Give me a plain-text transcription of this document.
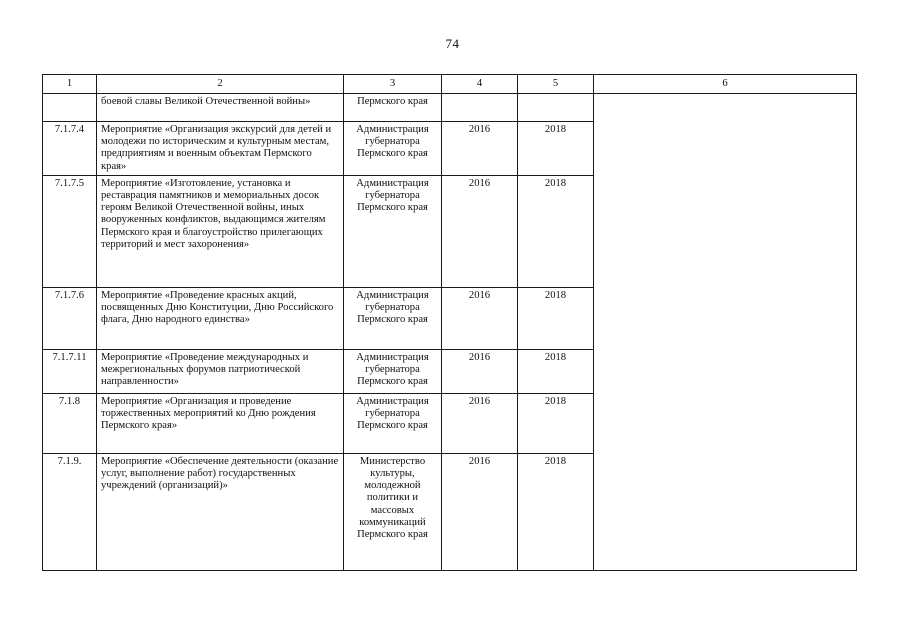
74
1	2	3	4	5	6
	боевой славы Великой Отечественной войны»	Пермского края			
7.1.7.4	Мероприятие «Организация экскурсий для детей и молодежи по историческим и культурным местам, предприятиям и военным объектам Пермского края»	Администрация губернатора Пермского края	2016	2018	
7.1.7.5	Мероприятие «Изготовление, установка и реставрация памятников и мемориальных досок героям Великой Отечественной войны, иных вооруженных конфликтов, выдающимся жителям Пермского края и благоустройство прилегающих территорий и мест захоронения»	Администрация губернатора Пермского края	2016	2018	
7.1.7.6	Мероприятие «Проведение красных акций, посвященных Дню Конституции, Дню Российского флага, Дню народного единства»	Администрация губернатора Пермского края	2016	2018	
7.1.7.11	Мероприятие «Проведение международных и межрегиональных форумов патриотической направленности»	Администрация губернатора Пермского края	2016	2018	
7.1.8	Мероприятие «Организация и проведение торжественных мероприятий ко Дню рождения Пермского края»	Администрация губернатора Пермского края	2016	2018	
7.1.9.	Мероприятие «Обеспечение деятельности (оказание услуг, выполнение работ) государственных учреждений (организаций)»	Министерство культуры, молодежной политики и массовых коммуникаций Пермского края	2016	2018	
